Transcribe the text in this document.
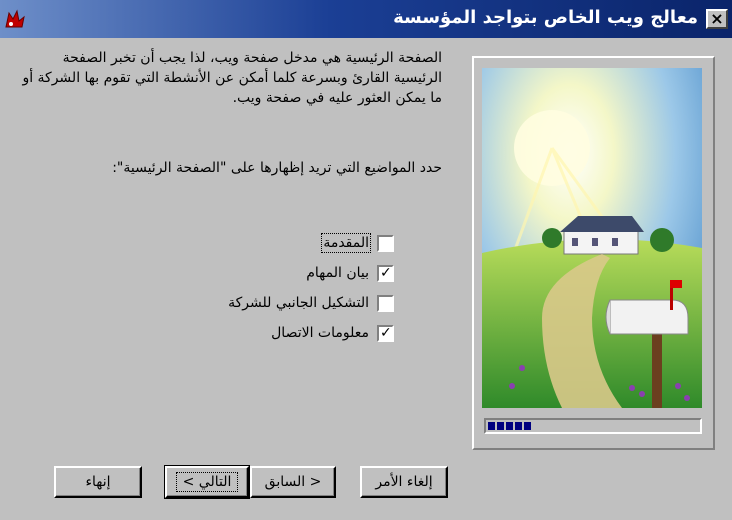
معالج ويب الخاص بتواجد المؤسسة ×
الصفحة الرئيسية هي مدخل صفحة ويب، لذا يجب أن تخبر الصفحة الرئيسية القارئ وبسرعة كلما أمكن عن الأنشطة التي تقوم بها الشركة أو ما يمكن العثور عليه في صفحة ويب.
حدد المواضيع التي تريد إظهارها على "الصفحة الرئيسية":
المقدمة
✓
بيان المهام
التشكيل الجانبي للشركة
✓
معلومات الاتصال
إلغاء الأمر
< السابق
التالي >
إنهاء
